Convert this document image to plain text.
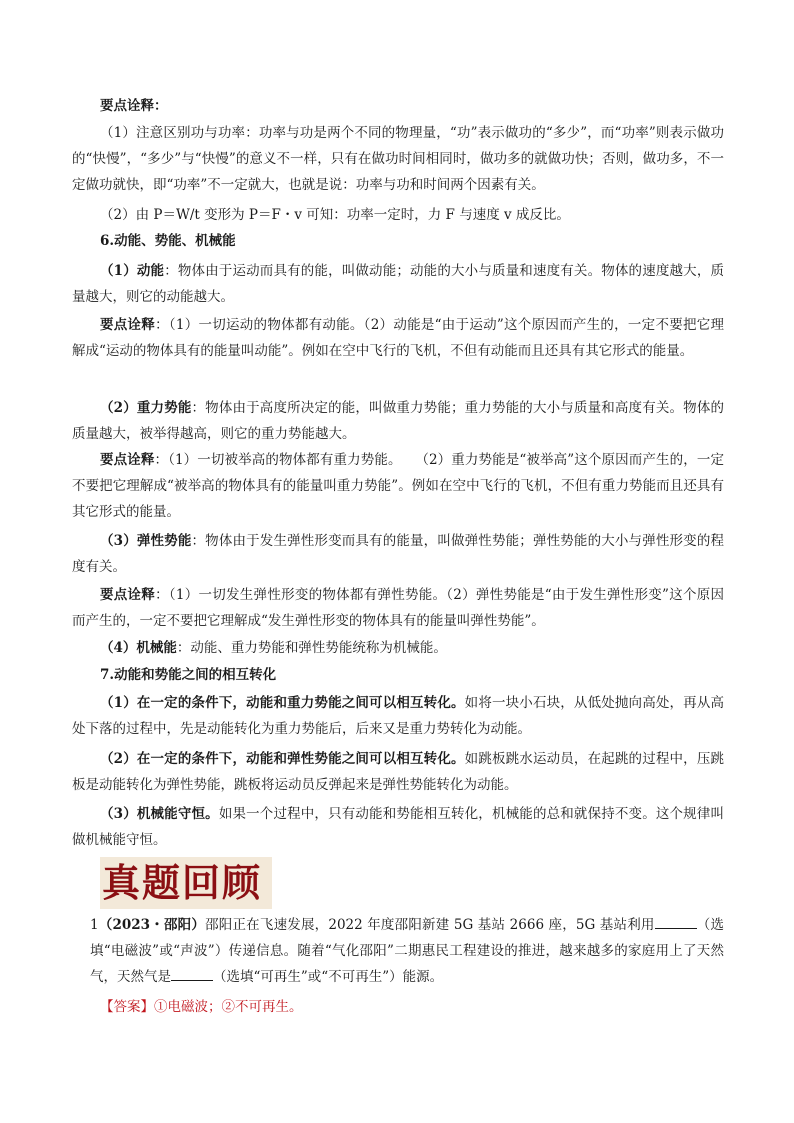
要点诠释：

（1）注意区别功与功率：功率与功是两个不同的物理量，“功”表示做功的“多少”，而“功率”则表示做功的“快慢”，“多少”与“快慢”的意义不一样，只有在做功时间相同时，做功多的就做功快；否则，做功多，不一定做功就快，即“功率”不一定就大，也就是说：功率与功和时间两个因素有关。

（2）由 P＝W/t 变形为 P＝F・v 可知：功率一定时，力 F 与速度 v 成反比。

6.动能、势能、机械能

（1）动能：物体由于运动而具有的能，叫做动能；动能的大小与质量和速度有关。物体的速度越大，质量越大，则它的动能越大。

要点诠释：（1）一切运动的物体都有动能。（2）动能是“由于运动”这个原因而产生的，一定不要把它理解成“运动的物体具有的能量叫动能”。例如在空中飞行的飞机，不但有动能而且还具有其它形式的能量。

（2）重力势能：物体由于高度所决定的能，叫做重力势能；重力势能的大小与质量和高度有关。物体的质量越大，被举得越高，则它的重力势能越大。

要点诠释：（1）一切被举高的物体都有重力势能。　　（2）重力势能是“被举高”这个原因而产生的，一定不要把它理解成“被举高的物体具有的能量叫重力势能”。例如在空中飞行的飞机，不但有重力势能而且还具有其它形式的能量。

（3）弹性势能：物体由于发生弹性形变而具有的能量，叫做弹性势能；弹性势能的大小与弹性形变的程度有关。

要点诠释：（1）一切发生弹性形变的物体都有弹性势能。（2）弹性势能是“由于发生弹性形变”这个原因而产生的，一定不要把它理解成“发生弹性形变的物体具有的能量叫弹性势能”。

（4）机械能：动能、重力势能和弹性势能统称为机械能。

7.动能和势能之间的相互转化

（1）在一定的条件下，动能和重力势能之间可以相互转化。如将一块小石块，从低处抛向高处，再从高处下落的过程中，先是动能转化为重力势能后，后来又是重力势转化为动能。

（2）在一定的条件下，动能和弹性势能之间可以相互转化。如跳板跳水运动员，在起跳的过程中，压跳板是动能转化为弹性势能，跳板将运动员反弹起来是弹性势能转化为动能。

（3）机械能守恒。如果一个过程中，只有动能和势能相互转化，机械能的总和就保持不变。这个规律叫做机械能守恒。

真题回顾

1（2023・邵阳）邵阳正在飞速发展，2022 年度邵阳新建 5G 基站 2666 座，5G 基站利用	（选填“电磁波”或“声波”）传递信息。随着“气化邵阳”二期惠民工程建设的推进，越来越多的家庭用上了天然气，天然气是	（选填“可再生”或“不可再生”）能源。

【答案】①电磁波；②不可再生。
